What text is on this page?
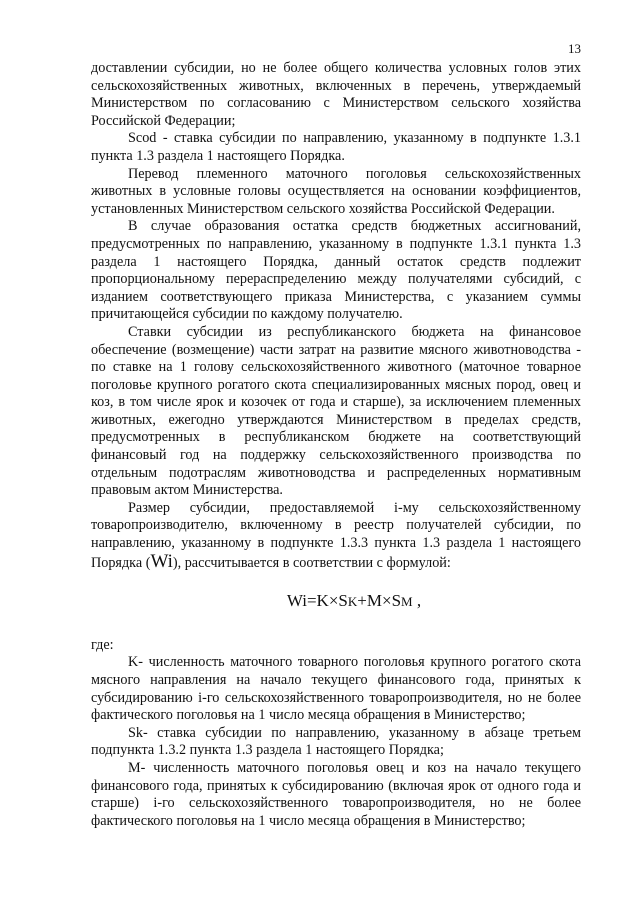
13

доставлении субсидии, но не более общего количества условных голов этих сельскохозяйственных животных, включенных в перечень, утверждаемый Министерством по согласованию с Министерством сельского хозяйства Российской Федерации;

Scod - ставка субсидии по направлению, указанному в подпункте 1.3.1 пункта 1.3 раздела 1 настоящего Порядка.

Перевод племенного маточного поголовья сельскохозяйственных животных в условные головы осуществляется на основании коэффициентов, установленных Министерством сельского хозяйства Российской Федерации.

В случае образования остатка средств бюджетных ассигнований, предусмотренных по направлению, указанному в подпункте 1.3.1 пункта 1.3 раздела 1 настоящего Порядка, данный остаток средств подлежит пропорциональному перераспределению между получателями субсидий, с изданием соответствующего приказа Министерства, с указанием суммы причитающейся субсидии по каждому получателю.

Ставки субсидии из республиканского бюджета на финансовое обеспечение (возмещение) части затрат на развитие мясного животноводства - по ставке на 1 голову сельскохозяйственного животного (маточное товарное поголовье крупного рогатого скота специализированных мясных пород, овец и коз, в том числе ярок и козочек от года и старше), за исключением племенных животных, ежегодно утверждаются Министерством в пределах средств, предусмотренных в республиканском бюджете на соответствующий финансовый год на поддержку сельскохозяйственного производства по отдельным подотраслям животноводства и распределенных нормативным правовым актом Министерства.

Размер субсидии, предоставляемой i-му сельскохозяйственному товаропроизводителю, включенному в реестр получателей субсидии, по направлению, указанному в подпункте 1.3.3 пункта 1.3 раздела 1 настоящего Порядка (Wi), рассчитывается в соответствии с формулой:

Wi=K×SK+M×SM ,

где:

K- численность маточного товарного поголовья крупного рогатого скота мясного направления на начало текущего финансового года, принятых к субсидированию i-го сельскохозяйственного товаропроизводителя, но не более фактического поголовья на 1 число месяца обращения в Министерство;

Sk- ставка субсидии по направлению, указанному в абзаце третьем подпункта 1.3.2 пункта 1.3 раздела 1 настоящего Порядка;

M- численность маточного поголовья овец и коз на начало текущего финансового года, принятых к субсидированию (включая ярок от одного года и старше) i-го сельскохозяйственного товаропроизводителя, но не более фактического поголовья на 1 число месяца обращения в Министерство;
